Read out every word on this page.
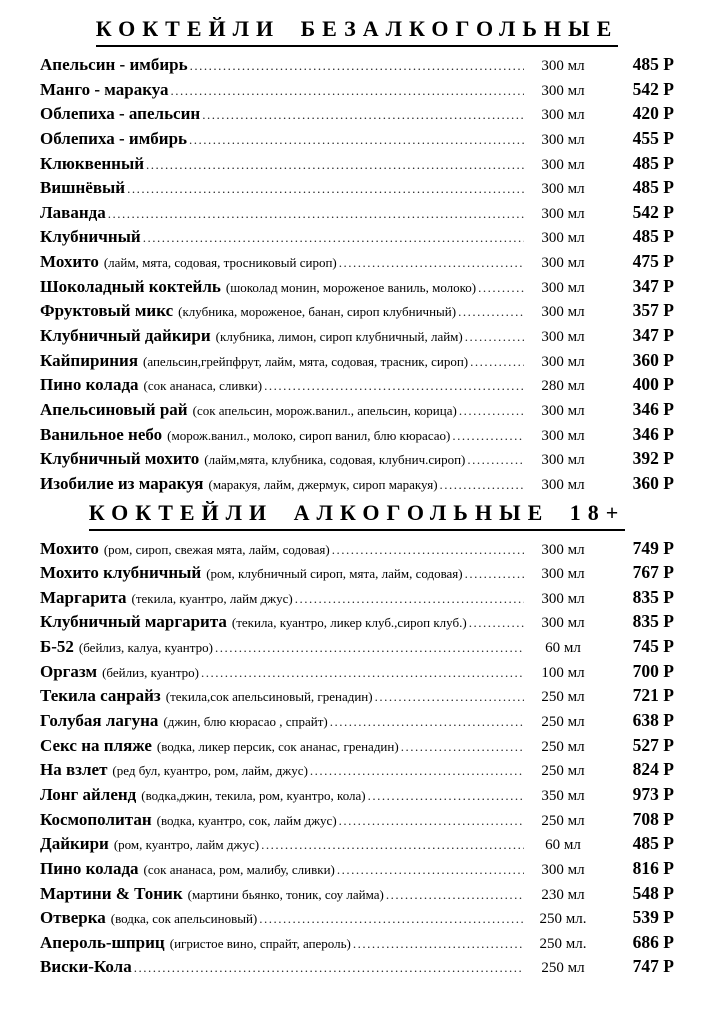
КОКТЕЙЛИ БЕЗАЛКОГОЛЬНЫЕ
Апельсин - имбирь .....	300 мл	485 Р
Манго - маракуа .....	300 мл	542 Р
Облепиха - апельсин .....	300 мл	420 Р
Облепиха - имбирь .....	300 мл	455 Р
Клюквенный .....	300 мл	485 Р
Вишнёвый .....	300 мл	485 Р
Лаванда .....	300 мл	542 Р
Клубничный .....	300 мл	485 Р
Мохито (лайм, мята, содовая, тросниковый сироп) .....	300 мл	475 Р
Шоколадный коктейль (шоколад монин, мороженое ваниль, молоко) .....	300 мл	347 Р
Фруктовый микс (клубника, мороженое, банан, сироп клубничный) .....	300 мл	357 Р
Клубничный дайкири (клубника, лимон, сироп клубничный, лайм) .....	300 мл	347 Р
Кайпириния (апельсин,грейпфрут, лайм, мята, содовая, трасник, сироп) .....	300 мл	360 Р
Пино колада (сок ананаса, сливки) .....	280 мл	400 Р
Апельсиновый рай (сок апельсин, морож.ванил., апельсин, корица) .....	300 мл	346 Р
Ванильное небо (морож.ванил., молоко, сироп ванил, блю кюрасао) .....	300 мл	346 Р
Клубничный мохито (лайм,мята, клубника, содовая, клубнич.сироп) .....	300 мл	392 Р
Изобилие из маракуя (маракуя, лайм, джермук, сироп маракуя) .....	300 мл	360 Р
КОКТЕЙЛИ АЛКОГОЛЬНЫЕ 18+
Мохито (ром, сироп, свежая мята, лайм, содовая) .....	300 мл	749 Р
Мохито клубничный (ром, клубничный сироп, мята, лайм, содовая) .....	300 мл	767 Р
Маргарита (текила, куантро, лайм джус) .....	300 мл	835 Р
Клубничный маргарита (текила, куантро, ликер клуб.,сироп клуб.) .....	300 мл	835 Р
Б-52 (бейлиз, калуа, куантро) .....	60 мл	745 Р
Оргазм (бейлиз, куантро) .....	100 мл	700 Р
Текила санрайз (текила,сок апельсиновый, гренадин) .....	250 мл	721 Р
Голубая лагуна (джин, блю кюрасао , спрайт) .....	250 мл	638 Р
Секс на пляже (водка, ликер персик, сок ананас, гренадин) .....	250 мл	527 Р
На взлет (ред бул, куантро, ром, лайм, джус) .....	250 мл	824 Р
Лонг айленд (водка,джин, текила, ром, куантро, кола) .....	350 мл	973 Р
Космополитан (водка, куантро, сок, лайм джус) .....	250 мл	708 Р
Дайкири (ром, куантро, лайм джус) .....	60 мл	485 Р
Пино колада (сок ананаса, ром, малибу, сливки) .....	300 мл	816 Р
Мартини & Тоник (мартини бьянко, тоник, соу лайма) .....	230 мл	548 Р
Отверка (водка, сок апельсиновый) .....	250 мл.	539 Р
Апероль-шприц (игристое вино, спрайт, апероль) .....	250 мл.	686 Р
Виски-Кола .....	250 мл	747 Р
